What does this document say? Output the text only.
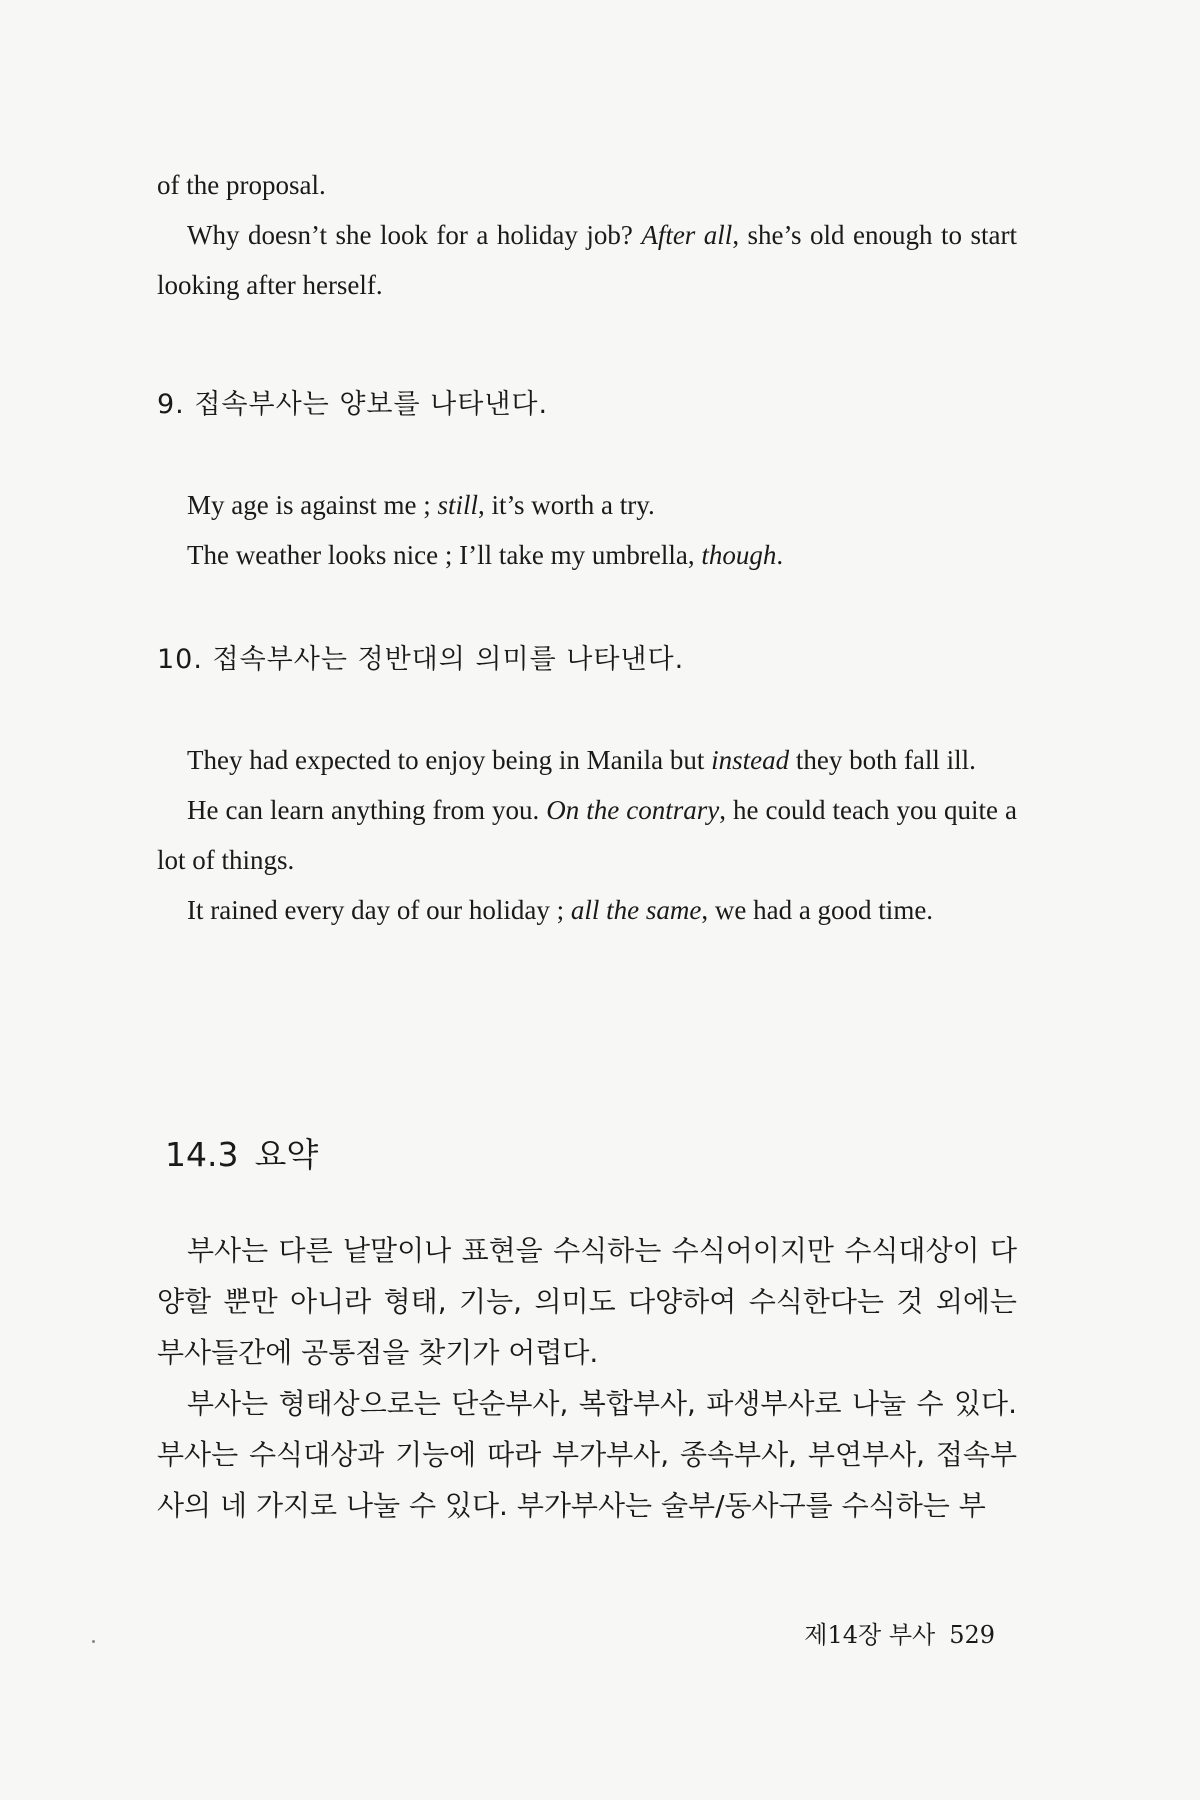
of the proposal.

Why doesn’t she look for a holiday job? After all, she’s old enough to start looking after herself.

9. 접속부사는 양보를 나타낸다.

My age is against me ; still, it’s worth a try.

The weather looks nice ; I’ll take my umbrella, though.

10. 접속부사는 정반대의 의미를 나타낸다.

They had expected to enjoy being in Manila but instead they both fall ill.

He can learn anything from you. On the contrary, he could teach you quite a lot of things.

It rained every day of our holiday ; all the same, we had a good time.

14.3 요약

부사는 다른 낱말이나 표현을 수식하는 수식어이지만 수식대상이 다양할 뿐만 아니라 형태, 기능, 의미도 다양하여 수식한다는 것 외에는 부사들간에 공통점을 찾기가 어렵다.

부사는 형태상으로는 단순부사, 복합부사, 파생부사로 나눌 수 있다. 부사는 수식대상과 기능에 따라 부가부사, 종속부사, 부연부사, 접속부사의 네 가지로 나눌 수 있다. 부가부사는 술부/동사구를 수식하는 부

제14장 부사 529
